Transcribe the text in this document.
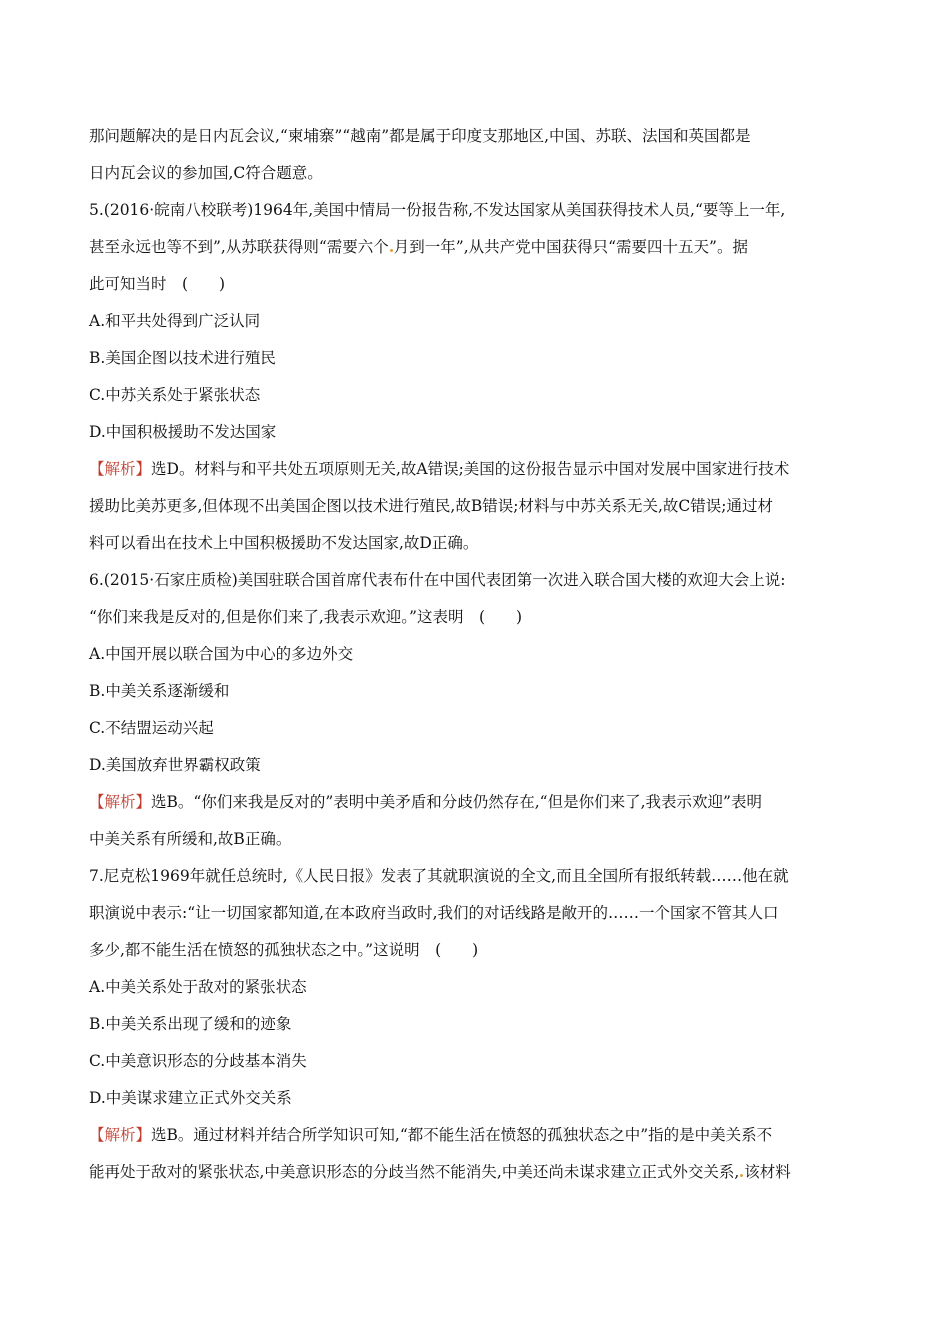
那问题解决的是日内瓦会议,“柬埔寨”“越南”都是属于印度支那地区,中国、苏联、法国和英国都是
日内瓦会议的参加国,C符合题意。
5.(2016·皖南八校联考)1964年,美国中情局一份报告称,不发达国家从美国获得技术人员,“要等上一年,
甚至永远也等不到”,从苏联获得则“需要六个 月到一年”,从共产党中国获得只“需要四十五天”。据
此可知当时　(　　)
A.和平共处得到广泛认同
B.美国企图以技术进行殖民
C.中苏关系处于紧张状态
D.中国积极援助不发达国家
【解析】选D。材料与和平共处五项原则无关,故A错误;美国的这份报告显示中国对发展中国家进行技术
援助比美苏更多,但体现不出美国企图以技术进行殖民,故B错误;材料与中苏关系无关,故C错误;通过材
料可以看出在技术上中国积极援助不发达国家,故D正确。
6.(2015·石家庄质检)美国驻联合国首席代表布什在中国代表团第一次进入联合国大楼的欢迎大会上说:
“你们来我是反对的,但是你们来了,我表示欢迎。”这表明　(　　)
A.中国开展以联合国为中心的多边外交
B.中美关系逐渐缓和
C.不结盟运动兴起
D.美国放弃世界霸权政策
【解析】选B。“你们来我是反对的”表明中美矛盾和分歧仍然存在,“但是你们来了,我表示欢迎”表明
中美关系有所缓和,故B正确。
7.尼克松1969年就任总统时,《人民日报》发表了其就职演说的全文,而且全国所有报纸转载……他在就
职演说中表示:“让一切国家都知道,在本政府当政时,我们的对话线路是敞开的……一个国家不管其人口
多少,都不能生活在愤怒的孤独状态之中。”这说明　(　　)
A.中美关系处于敌对的紧张状态
B.中美关系出现了缓和的迹象
C.中美意识形态的分歧基本消失
D.中美谋求建立正式外交关系
【解析】选B。通过材料并结合所学知识可知,“都不能生活在愤怒的孤独状态之中”指的是中美关系不
能再处于敌对的紧张状态,中美意识形态的分歧当然不能消失,中美还尚未谋求建立正式外交关系, 该材料
